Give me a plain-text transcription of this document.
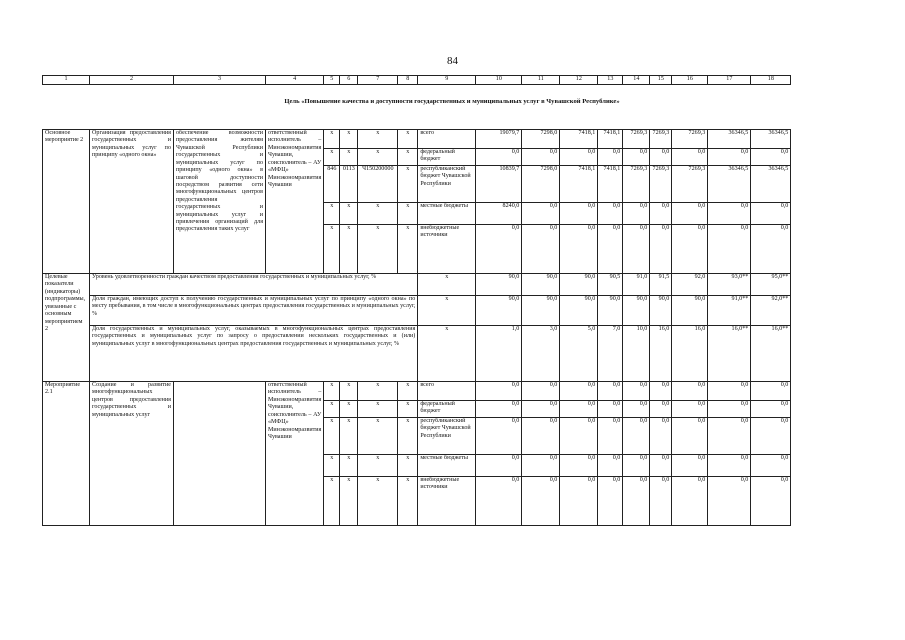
84
Цель «Повышение качества и доступности государственных и муниципальных услуг в Чувашской Республике»
1	2	3	4	5	6	7	8	9	10	11	12	13	14	15	16	17	18

Основное мероприятие 2	Организация предоставления государственных и муниципальных услуг по принципу «одного окна»	обеспечение возможности предоставления жителям Чувашской Республики государственных и муниципальных услуг по принципу «одного окна» в шаговой доступности посредством развития сети многофункциональных центров предоставления государственных и муниципальных услуг и привлечения организаций для предоставления таких услуг	ответственный исполнитель – Минэкономразвития Чувашии, соисполнитель – АУ «МФЦ» Минэкономразвития Чувашии	x	x	x	x	всего	19079,7	7298,0	7418,1	7418,1	7269,3	7269,3	7269,3	36346,5	36346,5
				x	x	x	x	федеральный бюджет	0,0	0,0	0,0	0,0	0,0	0,0	0,0	0,0	0,0
				846	0113	Ч150200000	x	республиканский бюджет Чувашской Республики	10839,7	7298,0	7418,1	7418,1	7269,3	7269,3	7269,3	36346,5	36346,5
				x	x	x	x	местные бюджеты	8240,0	0,0	0,0	0,0	0,0	0,0	0,0	0,0	0,0
				x	x	x	x	внебюджетные источники	0,0	0,0	0,0	0,0	0,0	0,0	0,0	0,0	0,0
Целевые показатели (индикаторы) подпрограммы, увязанные с основным мероприятием 2	Уровень удовлетворенности граждан качеством предоставления государственных и муниципальных услуг, %							x	90,0	90,0	90,0	90,5	91,0	91,5	92,0	93,0**	95,0**
	Доля граждан, имеющих доступ к получению государственных и муниципальных услуг по принципу «одного окна» по месту пребывания, в том числе в многофункциональных центрах предоставления государственных и муниципальных услуг, %							x	90,0	90,0	90,0	90,0	90,0	90,0	90,0	91,0**	92,0**
	Доля государственных и муниципальных услуг, оказываемых в многофункциональных центрах предоставления государственных и муниципальных услуг по запросу о предоставлении нескольких государственных и (или) муниципальных услуг в многофункциональных центрах предоставления государственных и муниципальных услуг, %							x	1,0	3,0	5,0	7,0	10,0	16,0	16,0	16,0**	16,0**
Мероприятие 2.1	Создание и развитие многофункциональных центров предоставления государственных и муниципальных услуг		ответственный исполнитель – Минэкономразвития Чувашии, соисполнитель – АУ «МФЦ» Минэкономразвития Чувашии	x	x	x	x	всего	0,0	0,0	0,0	0,0	0,0	0,0	0,0	0,0	0,0
				x	x	x	x	федеральный бюджет	0,0	0,0	0,0	0,0	0,0	0,0	0,0	0,0	0,0
				x	x	x	x	республиканский бюджет Чувашской Республики	0,0	0,0	0,0	0,0	0,0	0,0	0,0	0,0	0,0
				x	x	x	x	местные бюджеты	0,0	0,0	0,0	0,0	0,0	0,0	0,0	0,0	0,0
				x	x	x	x	внебюджетные источники	0,0	0,0	0,0	0,0	0,0	0,0	0,0	0,0	0,0
